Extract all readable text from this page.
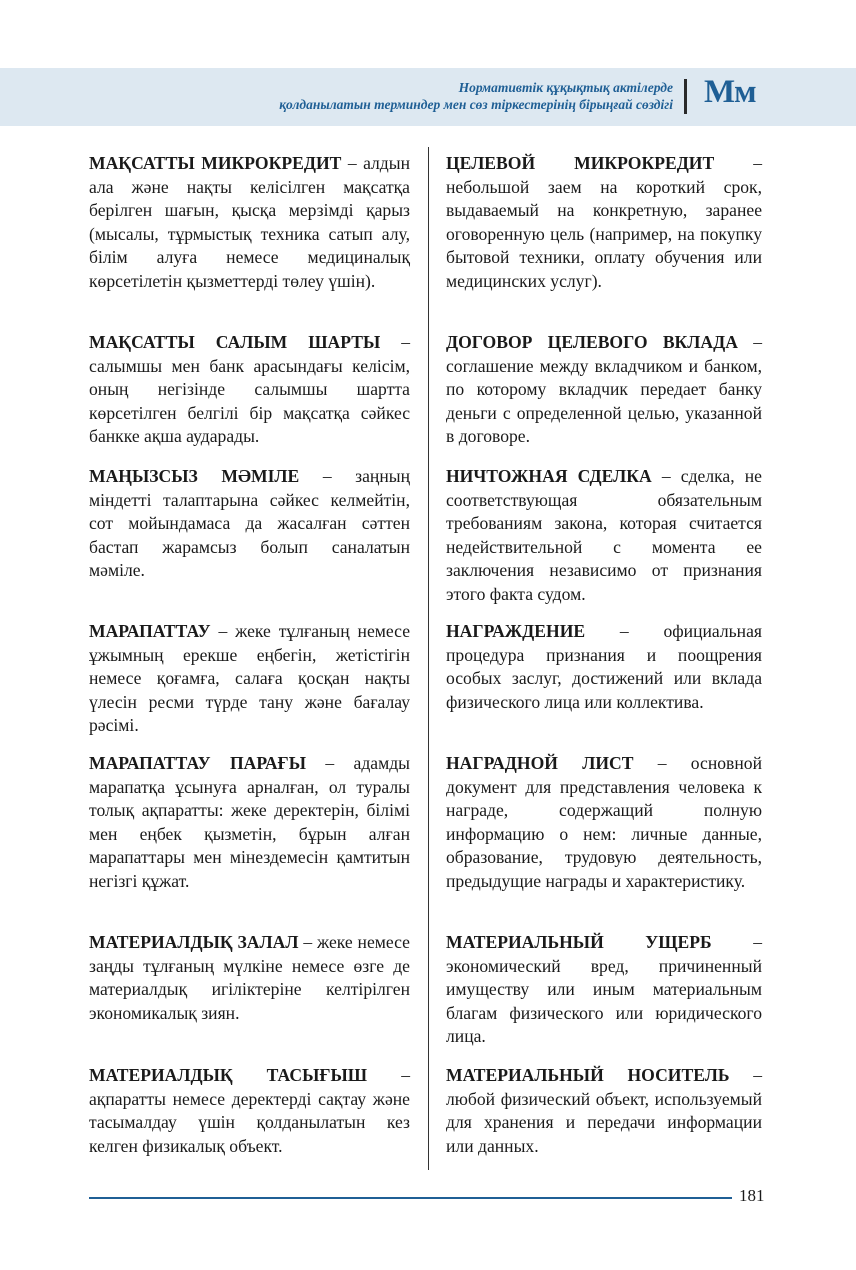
Нормативтік құқықтық актілерде
қолданылатын терминдер мен сөз тіркестерінің бірыңғай сөздігі Мм
МАҚСАТТЫ МИКРОКРЕДИТ – алдын ала және нақты келісілген мақсатқа берілген шағын, қысқа мерзімді қарыз (мысалы, тұрмыстық техника сатып алу, білім алуға немесе медициналық көрсетілетін қызметтерді төлеу үшін).
ЦЕЛЕВОЙ МИКРОКРЕДИТ – небольшой заем на короткий срок, выдаваемый на конкретную, заранее оговоренную цель (например, на покупку бытовой техники, оплату обучения или медицинских услуг).
МАҚСАТТЫ САЛЫМ ШАРТЫ – салымшы мен банк арасындағы келісім, оның негізінде салымшы шартта көрсетілген белгілі бір мақсатқа сәйкес банкке ақша аударады.
ДОГОВОР ЦЕЛЕВОГО ВКЛАДА – соглашение между вкладчиком и банком, по которому вкладчик передает банку деньги с определенной целью, указанной в договоре.
МАҢЫЗСЫЗ МӘМІЛЕ – заңның міндетті талаптарына сәйкес келмейтін, сот мойындамаса да жасалған сәттен бастап жарамсыз болып саналатын мәміле.
НИЧТОЖНАЯ СДЕЛКА – сделка, не соответствующая обязательным требованиям закона, которая считается недействительной с момента ее заключения независимо от признания этого факта судом.
МАРАПАТТАУ – жеке тұлғаның немесе ұжымның ерекше еңбегін, жетістігін немесе қоғамға, салаға қосқан нақты үлесін ресми түрде тану және бағалау рәсімі.
НАГРАЖДЕНИЕ – официальная процедура признания и поощрения особых заслуг, достижений или вклада физического лица или коллектива.
МАРАПАТТАУ ПАРАҒЫ – адамды марапатқа ұсынуға арналған, ол туралы толық ақпаратты: жеке деректерін, білімі мен еңбек қызметін, бұрын алған марапаттары мен мінездемесін қамтитын негізгі құжат.
НАГРАДНОЙ ЛИСТ – основной документ для представления человека к награде, содержащий полную информацию о нем: личные данные, образование, трудовую деятельность, предыдущие награды и характеристику.
МАТЕРИАЛДЫҚ ЗАЛАЛ – жеке немесе заңды тұлғаның мүлкіне немесе өзге де материалдық игіліктеріне келтірілген экономикалық зиян.
МАТЕРИАЛЬНЫЙ УЩЕРБ – экономический вред, причиненный имуществу или иным материальным благам физического или юридического лица.
МАТЕРИАЛДЫҚ ТАСЫҒЫШ – ақпаратты немесе деректерді сақтау және тасымалдау үшін қолданылатын кез келген физикалық объект.
МАТЕРИАЛЬНЫЙ НОСИТЕЛЬ – любой физический объект, используемый для хранения и передачи информации или данных.
181
